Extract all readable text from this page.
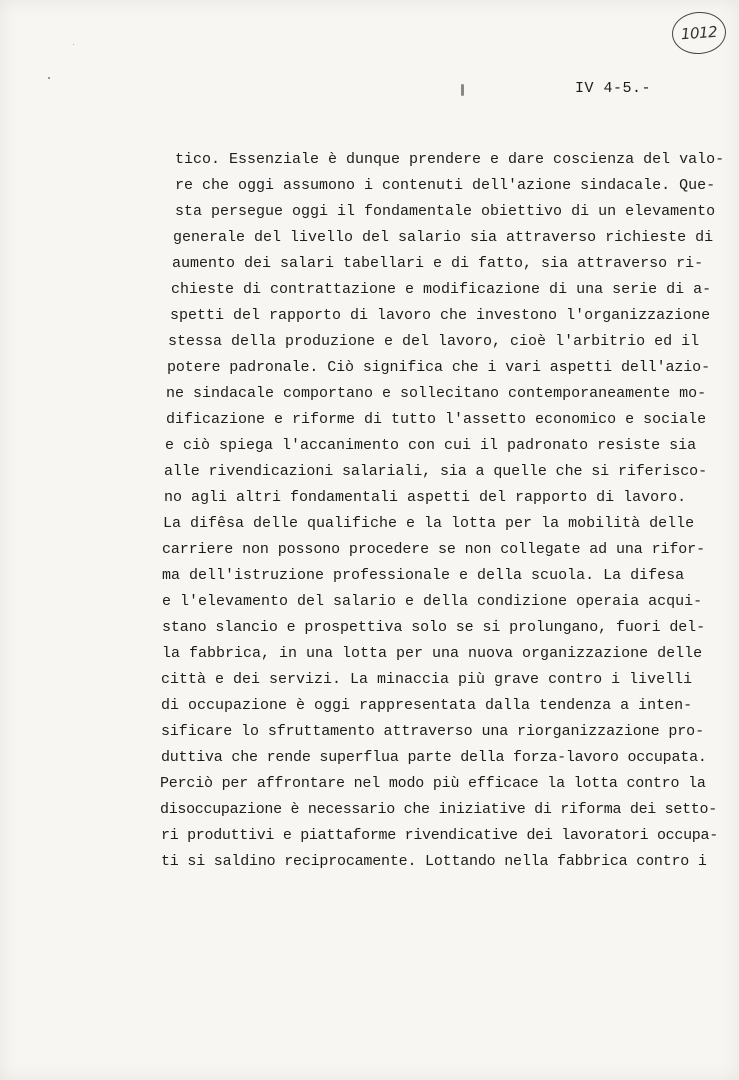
1012
IV 4-5.-
tico. Essenziale è dunque prendere e dare coscienza del valo-
re che oggi assumono i contenuti dell'azione sindacale. Que-
sta persegue oggi il fondamentale obiettivo di un elevamento
generale del livello del salario sia attraverso richieste di
aumento dei salari tabellari e di fatto, sia attraverso ri-
chieste di contrattazione e modificazione di una serie di a-
spetti del rapporto di lavoro che investono l'organizzazione
stessa della produzione e del lavoro, cioè l'arbitrio ed il
potere padronale. Ciò significa che i vari aspetti dell'azio-
ne sindacale comportano e sollecitano contemporaneamente mo-
dificazione e riforme di tutto l'assetto economico e sociale
e ciò spiega l'accanimento con cui il padronato resiste sia
alle rivendicazioni salariali, sia a quelle che si riferisco-
no agli altri fondamentali aspetti del rapporto di lavoro.
La difêsa delle qualifiche e la lotta per la mobilità delle
carriere non possono procedere se non collegate ad una rifor-
ma dell'istruzione professionale e della scuola. La difesa
e l'elevamento del salario e della condizione operaia acqui-
stano slancio e prospettiva solo se si prolungano, fuori del-
la fabbrica, in una lotta per una nuova organizzazione delle
città e dei servizi. La minaccia più grave contro i livelli
di occupazione è oggi rappresentata dalla tendenza a inten-
sificare lo sfruttamento attraverso una riorganizzazione pro-
duttiva che rende superflua parte della forza-lavoro occupata.
Perciò per affrontare nel modo più efficace la lotta contro la
disoccupazione è necessario che iniziative di riforma dei setto-
ri produttivi e piattaforme rivendicative dei lavoratori occupa-
ti si saldino reciprocamente. Lottando nella fabbrica contro i
